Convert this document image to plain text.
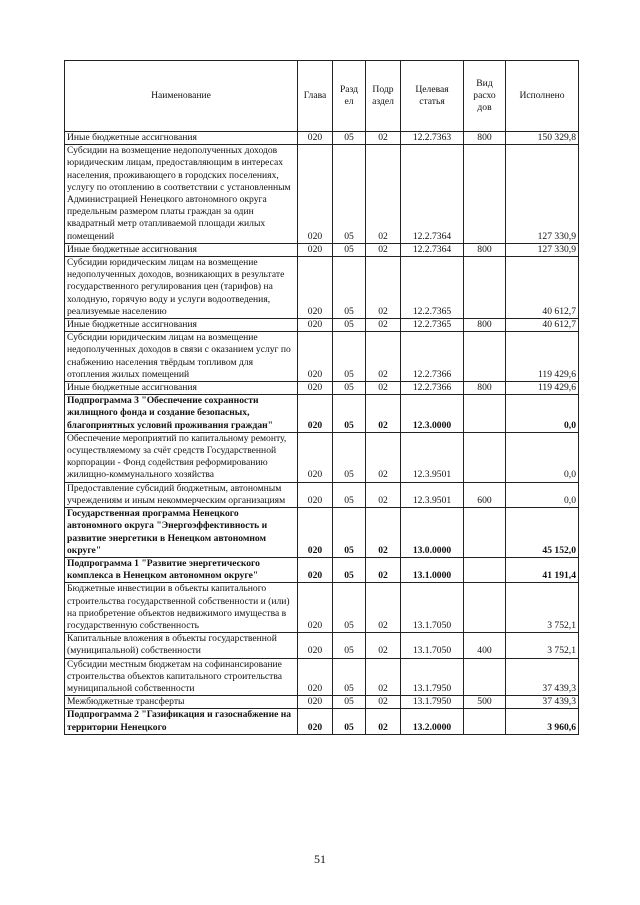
Наименование	Глава	Разд ел	Подр аздел	Целевая статья	Вид расхо дов	Исполнено
Иные бюджетные ассигнования	020	05	02	12.2.7363	800	150 329,8
Субсидии на возмещение недополученных доходов юридическим лицам, предоставляющим в интересах населения, проживающего в городских поселениях, услугу по отоплению в соответствии с установленным Администрацией Ненецкого автономного округа предельным размером платы граждан за один квадратный метр отапливаемой площади жилых помещений	020	05	02	12.2.7364		127 330,9
Иные бюджетные ассигнования	020	05	02	12.2.7364	800	127 330,9
Субсидии юридическим лицам на возмещение недополученных доходов, возникающих в результате государственного регулирования цен (тарифов) на холодную, горячую воду и услуги водоотведения, реализуемые населению	020	05	02	12.2.7365		40 612,7
Иные бюджетные ассигнования	020	05	02	12.2.7365	800	40 612,7
Субсидии юридическим лицам на возмещение недополученных доходов в связи с оказанием услуг по снабжению населения твёрдым топливом для отопления жилых помещений	020	05	02	12.2.7366		119 429,6
Иные бюджетные ассигнования	020	05	02	12.2.7366	800	119 429,6
Подпрограмма 3 "Обеспечение сохранности жилищного фонда и создание безопасных, благоприятных условий проживания граждан"	020	05	02	12.3.0000		0,0
Обеспечение мероприятий по капитальному ремонту, осуществляемому за счёт средств Государственной корпорации - Фонд содействия реформированию жилищно-коммунального хозяйства	020	05	02	12.3.9501		0,0
Предоставление субсидий бюджетным, автономным учреждениям и иным некоммерческим организациям	020	05	02	12.3.9501	600	0,0
Государственная программа Ненецкого автономного округа "Энергоэффективность и развитие энергетики в Ненецком автономном округе"	020	05	02	13.0.0000		45 152,0
Подпрограмма 1 "Развитие энергетического комплекса в Ненецком автономном округе"	020	05	02	13.1.0000		41 191,4
Бюджетные инвестиции в объекты капитального строительства государственной собственности и (или) на приобретение объектов недвижимого имущества в государственную собственность	020	05	02	13.1.7050		3 752,1
Капитальные вложения в объекты государственной (муниципальной) собственности	020	05	02	13.1.7050	400	3 752,1
Субсидии местным бюджетам на софинансирование строительства объектов капитального строительства муниципальной собственности	020	05	02	13.1.7950		37 439,3
Межбюджетные трансферты	020	05	02	13.1.7950	500	37 439,3
Подпрограмма 2 "Газификация и газоснабжение на территории Ненецкого	020	05	02	13.2.0000		3 960,6
51
